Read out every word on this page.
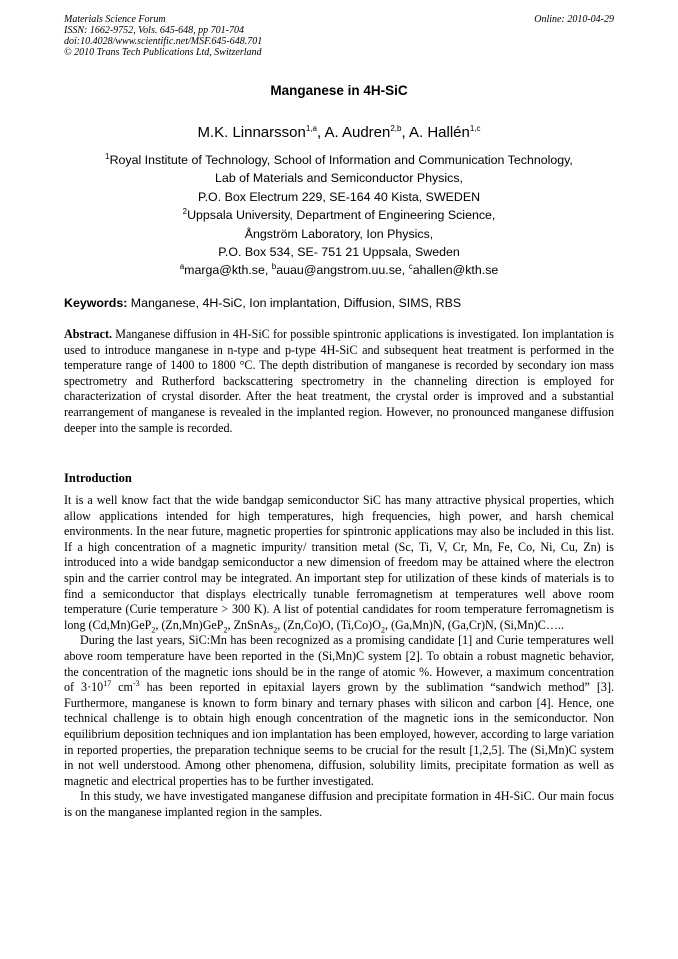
Materials Science Forum
ISSN: 1662-9752, Vols. 645-648, pp 701-704
doi:10.4028/www.scientific.net/MSF.645-648.701
© 2010 Trans Tech Publications Ltd, Switzerland
Online: 2010-04-29
Manganese in 4H-SiC
M.K. Linnarsson$^{1,a}$, A. Audren$^{2,b}$, A. Hallén$^{1,c}$
$^1$Royal Institute of Technology, School of Information and Communication Technology,
Lab of Materials and Semiconductor Physics,
P.O. Box Electrum 229, SE-164 40 Kista, SWEDEN
$^2$Uppsala University, Department of Engineering Science,
Ångström Laboratory, Ion Physics,
P.O. Box 534, SE- 751 21 Uppsala, Sweden
$^a$marga@kth.se, $^b$auau@angstrom.uu.se, $^c$ahallen@kth.se
Keywords: Manganese, 4H-SiC, Ion implantation, Diffusion, SIMS, RBS
Abstract. Manganese diffusion in 4H-SiC for possible spintronic applications is investigated. Ion implantation is used to introduce manganese in n-type and p-type 4H-SiC and subsequent heat treatment is performed in the temperature range of 1400 to 1800 °C. The depth distribution of manganese is recorded by secondary ion mass spectrometry and Rutherford backscattering spectrometry in the channeling direction is employed for characterization of crystal disorder. After the heat treatment, the crystal order is improved and a substantial rearrangement of manganese is revealed in the implanted region. However, no pronounced manganese diffusion deeper into the sample is recorded.
Introduction

It is a well know fact that the wide bandgap semiconductor SiC has many attractive physical properties, which allow applications intended for high temperatures, high frequencies, high power, and harsh chemical environments. In the near future, magnetic properties for spintronic applications may also be included in this list. If a high concentration of a magnetic impurity/ transition metal (Sc, Ti, V, Cr, Mn, Fe, Co, Ni, Cu, Zn) is introduced into a wide bandgap semiconductor a new dimension of freedom may be attained where the electron spin and the carrier control may be integrated. An important step for utilization of these kinds of materials is to find a semiconductor that displays electrically tunable ferromagnetism at temperatures well above room temperature (Curie temperature > 300 K). A list of potential candidates for room temperature ferromagnetism is long (Cd,Mn)GeP$_2$, (Zn,Mn)GeP$_2$, ZnSnAs$_2$, (Zn,Co)O, $(Ti,Co)O_2$, (Ga,Mn)N, (Ga,Cr)N, (Si,Mn)C…..

During the last years, SiC:Mn has been recognized as a promising candidate [1] and Curie temperatures well above room temperature have been reported in the (Si,Mn)C system [2]. To obtain a robust magnetic behavior, the concentration of the magnetic ions should be in the range of atomic %. However, a maximum concentration of $3\cdot 10^{17}$ $cm^{-3}$ has been reported in epitaxial layers grown by the sublimation “sandwich method” [3]. Furthermore, manganese is known to form binary and ternary phases with silicon and carbon [4]. Hence, one technical challenge is to obtain high enough concentration of the magnetic ions in the semiconductor. Non equilibrium deposition techniques and ion implantation has been employed, however, according to large variation in reported properties, the preparation technique seems to be crucial for the result [1,2,5]. The (Si,Mn)C system in not well understood. Among other phenomena, diffusion, solubility limits, precipitate formation as well as magnetic and electrical properties has to be further investigated.

In this study, we have investigated manganese diffusion and precipitate formation in 4H-SiC. Our main focus is on the manganese implanted region in the samples.
